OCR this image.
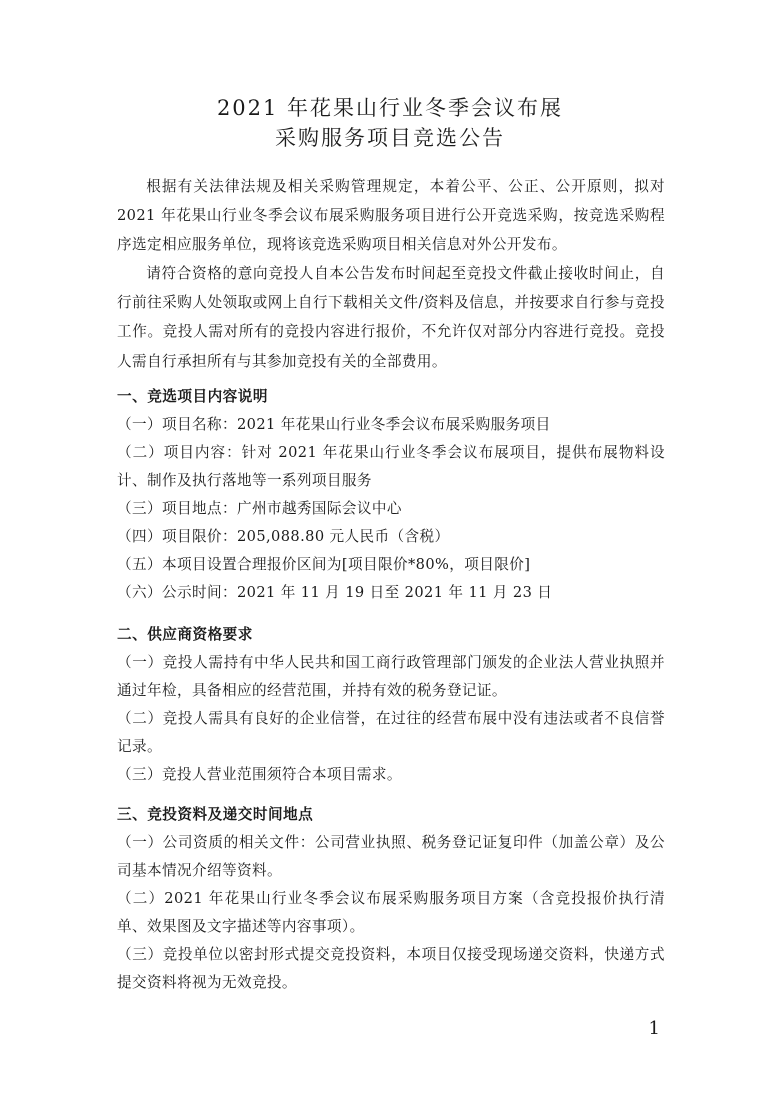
2021 年花果山行业冬季会议布展
采购服务项目竞选公告
根据有关法律法规及相关采购管理规定，本着公平、公正、公开原则，拟对 2021 年花果山行业冬季会议布展采购服务项目进行公开竞选采购，按竞选采购程序选定相应服务单位，现将该竞选采购项目相关信息对外公开发布。
请符合资格的意向竞投人自本公告发布时间起至竞投文件截止接收时间止，自行前往采购人处领取或网上自行下载相关文件/资料及信息，并按要求自行参与竞投工作。竞投人需对所有的竞投内容进行报价，不允许仅对部分内容进行竞投。竞投人需自行承担所有与其参加竞投有关的全部费用。
一、竞选项目内容说明
（一）项目名称：2021 年花果山行业冬季会议布展采购服务项目
（二）项目内容：针对 2021 年花果山行业冬季会议布展项目，提供布展物料设计、制作及执行落地等一系列项目服务
（三）项目地点：广州市越秀国际会议中心
（四）项目限价：205,088.80 元人民币（含税）
（五）本项目设置合理报价区间为[项目限价*80%，项目限价]
（六）公示时间：2021 年 11 月 19 日至 2021 年 11 月 23 日
二、供应商资格要求
（一）竞投人需持有中华人民共和国工商行政管理部门颁发的企业法人营业执照并通过年检，具备相应的经营范围，并持有效的税务登记证。
（二）竞投人需具有良好的企业信誉，在过往的经营布展中没有违法或者不良信誉记录。
（三）竞投人营业范围须符合本项目需求。
三、竞投资料及递交时间地点
（一）公司资质的相关文件：公司营业执照、税务登记证复印件（加盖公章）及公司基本情况介绍等资料。
（二）2021 年花果山行业冬季会议布展采购服务项目方案（含竞投报价执行清单、效果图及文字描述等内容事项）。
（三）竞投单位以密封形式提交竞投资料，本项目仅接受现场递交资料，快递方式提交资料将视为无效竞投。
1
